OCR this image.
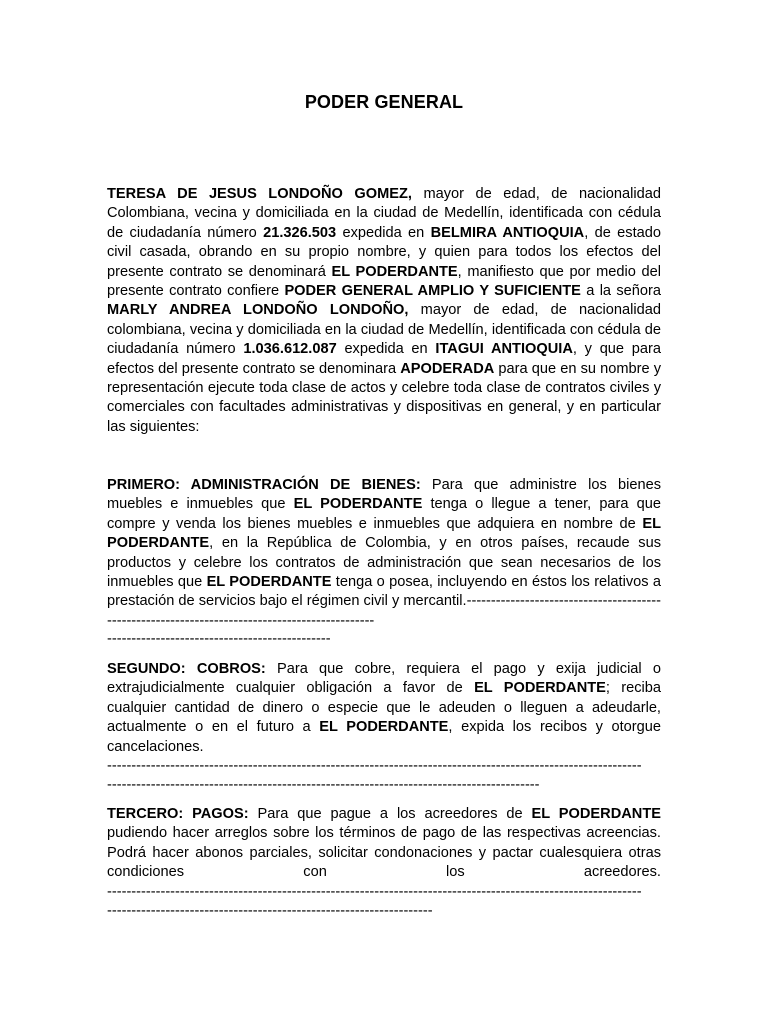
PODER GENERAL
TERESA DE JESUS LONDOÑO GOMEZ, mayor de edad, de nacionalidad Colombiana, vecina y domiciliada en la ciudad de Medellín, identificada con cédula de ciudadanía número 21.326.503 expedida en BELMIRA ANTIOQUIA, de estado civil casada, obrando en su propio nombre, y quien para todos los efectos del presente contrato se denominará EL PODERDANTE, manifiesto que por medio del presente contrato confiere PODER GENERAL AMPLIO Y SUFICIENTE a la señora MARLY ANDREA LONDOÑO LONDOÑO, mayor de edad, de nacionalidad colombiana, vecina y domiciliada en la ciudad de Medellín, identificada con cédula de ciudadanía número 1.036.612.087 expedida en ITAGUI ANTIOQUIA, y que para efectos del presente contrato se denominara APODERADA para que en su nombre y representación ejecute toda clase de actos y celebre toda clase de contratos civiles y comerciales con facultades administrativas y dispositivas en general, y en particular las siguientes:
PRIMERO: ADMINISTRACIÓN DE BIENES: Para que administre los bienes muebles e inmuebles que EL PODERDANTE tenga o llegue a tener, para que compre y venda los bienes muebles e inmuebles que adquiera en nombre de EL PODERDANTE, en la República de Colombia, y en otros países, recaude sus productos y celebre los contratos de administración que sean necesarios de los inmuebles que EL PODERDANTE tenga o posea, incluyendo en éstos los relativos a prestación de servicios bajo el régimen civil y mercantil.-----------------------------------------------------------------------------------------------
----------------------------------------------
SEGUNDO: COBROS: Para que cobre, requiera el pago y exija judicial o extrajudicialmente cualquier obligación a favor de EL PODERDANTE; reciba cualquier cantidad de dinero o especie que le adeuden o lleguen a adeudarle, actualmente o en el futuro a EL PODERDANTE, expida los recibos y otorgue cancelaciones.
--------------------------------------------------------------------------------------------------------------
-----------------------------------------------------------------------------------------
TERCERO: PAGOS: Para que pague a los acreedores de EL PODERDANTE pudiendo hacer arreglos sobre los términos de pago de las respectivas acreencias. Podrá hacer abonos parciales, solicitar condonaciones y pactar cualesquiera otras condiciones con los acreedores.
--------------------------------------------------------------------------------------------------------------
-------------------------------------------------------------------
